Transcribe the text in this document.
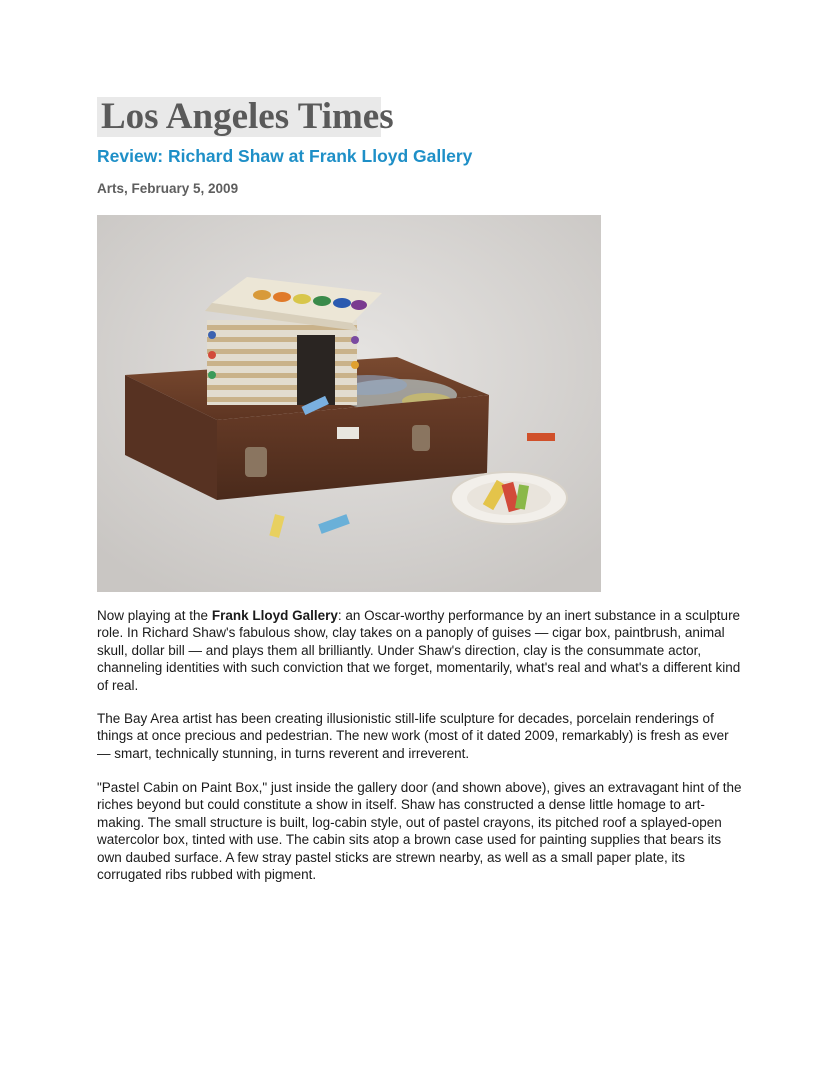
Los Angeles Times
Review: Richard Shaw at Frank Lloyd Gallery
Arts, February 5, 2009

Now playing at the Frank Lloyd Gallery: an Oscar-worthy performance by an inert substance in a sculpture role. In Richard Shaw's fabulous show, clay takes on a panoply of guises — cigar box, paintbrush, animal skull, dollar bill — and plays them all brilliantly. Under Shaw's direction, clay is the consummate actor, channeling identities with such conviction that we forget, momentarily, what's real and what's a different kind of real.

The Bay Area artist has been creating illusionistic still-life sculpture for decades, porcelain renderings of things at once precious and pedestrian. The new work (most of it dated 2009, remarkably) is fresh as ever — smart, technically stunning, in turns reverent and irreverent.

"Pastel Cabin on Paint Box," just inside the gallery door (and shown above), gives an extravagant hint of the riches beyond but could constitute a show in itself. Shaw has constructed a dense little homage to art-making. The small structure is built, log-cabin style, out of pastel crayons, its pitched roof a splayed-open watercolor box, tinted with use. The cabin sits atop a brown case used for painting supplies that bears its own daubed surface. A few stray pastel sticks are strewn nearby, as well as a small paper plate, its corrugated ribs rubbed with pigment.
